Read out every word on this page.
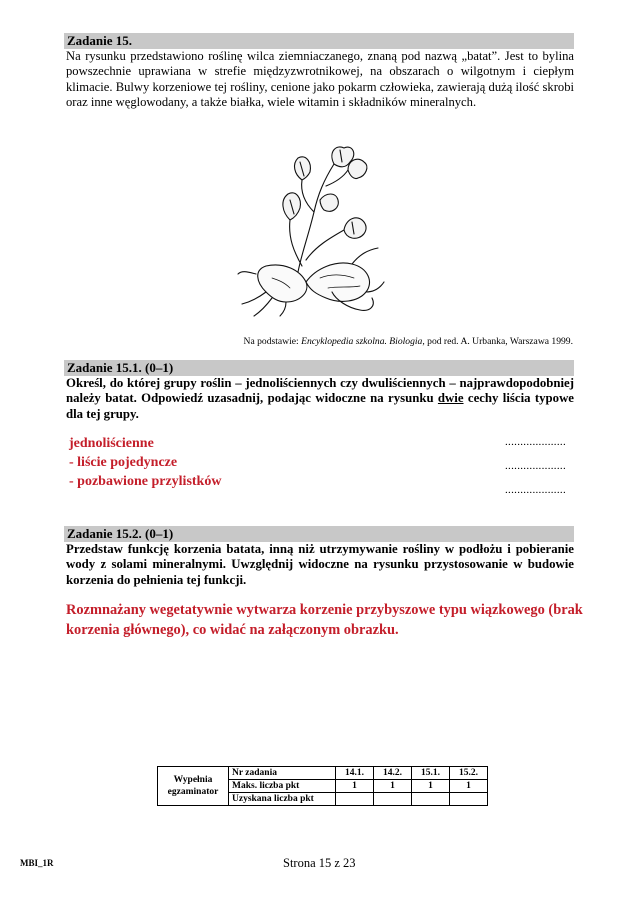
Zadanie 15.
Na rysunku przedstawiono roślinę wilca ziemniaczanego, znaną pod nazwą „batat”. Jest to bylina powszechnie uprawiana w strefie międzyzwrotnikowej, na obszarach o wilgotnym i ciepłym klimacie. Bulwy korzeniowe tej rośliny, cenione jako pokarm człowieka, zawierają dużą ilość skrobi oraz inne węglowodany, a także białka, wiele witamin i składników mineralnych.
Na podstawie: Encyklopedia szkolna. Biologia, pod red. A. Urbanka, Warszawa 1999.
Zadanie 15.1. (0–1)
Określ, do której grupy roślin – jednoliściennych czy dwuliściennych – najprawdopodobniej należy batat. Odpowiedź uzasadnij, podając widoczne na rysunku dwie cechy liścia typowe dla tej grupy.
jednoliścienne
- liście pojedyncze
- pozbawione przylistków
....................
....................
....................
Zadanie 15.2. (0–1)
Przedstaw funkcję korzenia batata, inną niż utrzymywanie rośliny w podłożu i pobieranie wody z solami mineralnymi. Uwzględnij widoczne na rysunku przystosowanie w budowie korzenia do pełnienia tej funkcji.
Rozmnażany wegetatywnie wytwarza korzenie przybyszowe typu wiązkowego (brak korzenia głównego), co widać na załączonym obrazku.
Wypełnia egzaminator	Nr zadania	14.1.	14.2.	15.1.	15.2.
	Maks. liczba pkt	1	1	1	1
	Uzyskana liczba pkt				
MBI_1R	Strona 15 z 23
